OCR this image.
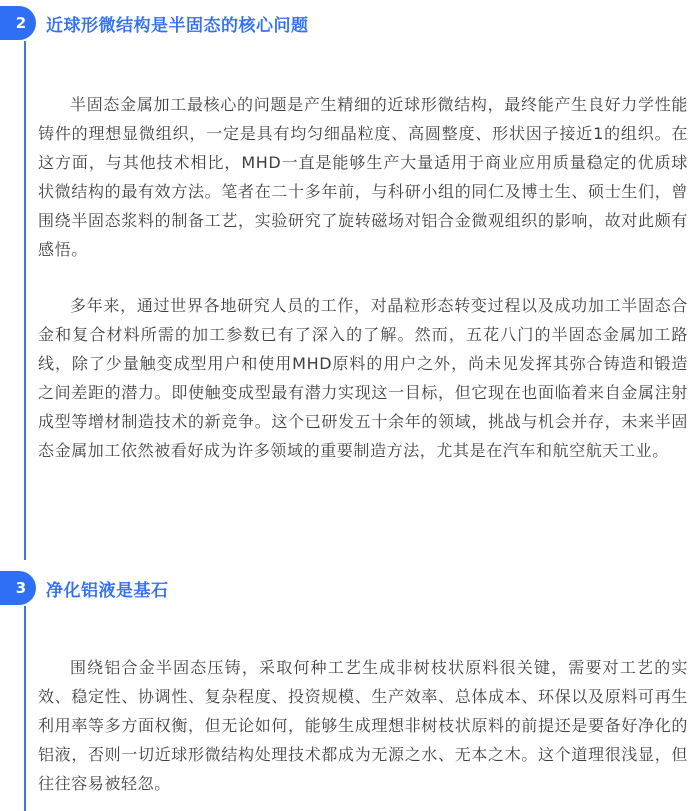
2	近球形微结构是半固态的核心问题

半固态金属加工最核心的问题是产生精细的近球形微结构，最终能产生良好力学性能铸件的理想显微组织，一定是具有均匀细晶粒度、高圆整度、形状因子接近1的组织。在这方面，与其他技术相比，MHD一直是能够生产大量适用于商业应用质量稳定的优质球状微结构的最有效方法。笔者在二十多年前，与科研小组的同仁及博士生、硕士生们，曾围绕半固态浆料的制备工艺，实验研究了旋转磁场对铝合金微观组织的影响，故对此颇有感悟。

多年来，通过世界各地研究人员的工作，对晶粒形态转变过程以及成功加工半固态合金和复合材料所需的加工参数已有了深入的了解。然而，五花八门的半固态金属加工路线，除了少量触变成型用户和使用MHD原料的用户之外，尚未见发挥其弥合铸造和锻造之间差距的潜力。即使触变成型最有潜力实现这一目标，但它现在也面临着来自金属注射成型等增材制造技术的新竞争。这个已研发五十余年的领域，挑战与机会并存，未来半固态金属加工依然被看好成为许多领域的重要制造方法，尤其是在汽车和航空航天工业。

3	净化铝液是基石

围绕铝合金半固态压铸，采取何种工艺生成非树枝状原料很关键，需要对工艺的实效、稳定性、协调性、复杂程度、投资规模、生产效率、总体成本、环保以及原料可再生利用率等多方面权衡，但无论如何，能够生成理想非树枝状原料的前提还是要备好净化的铝液，否则一切近球形微结构处理技术都成为无源之水、无本之木。这个道理很浅显，但往往容易被轻忽。
